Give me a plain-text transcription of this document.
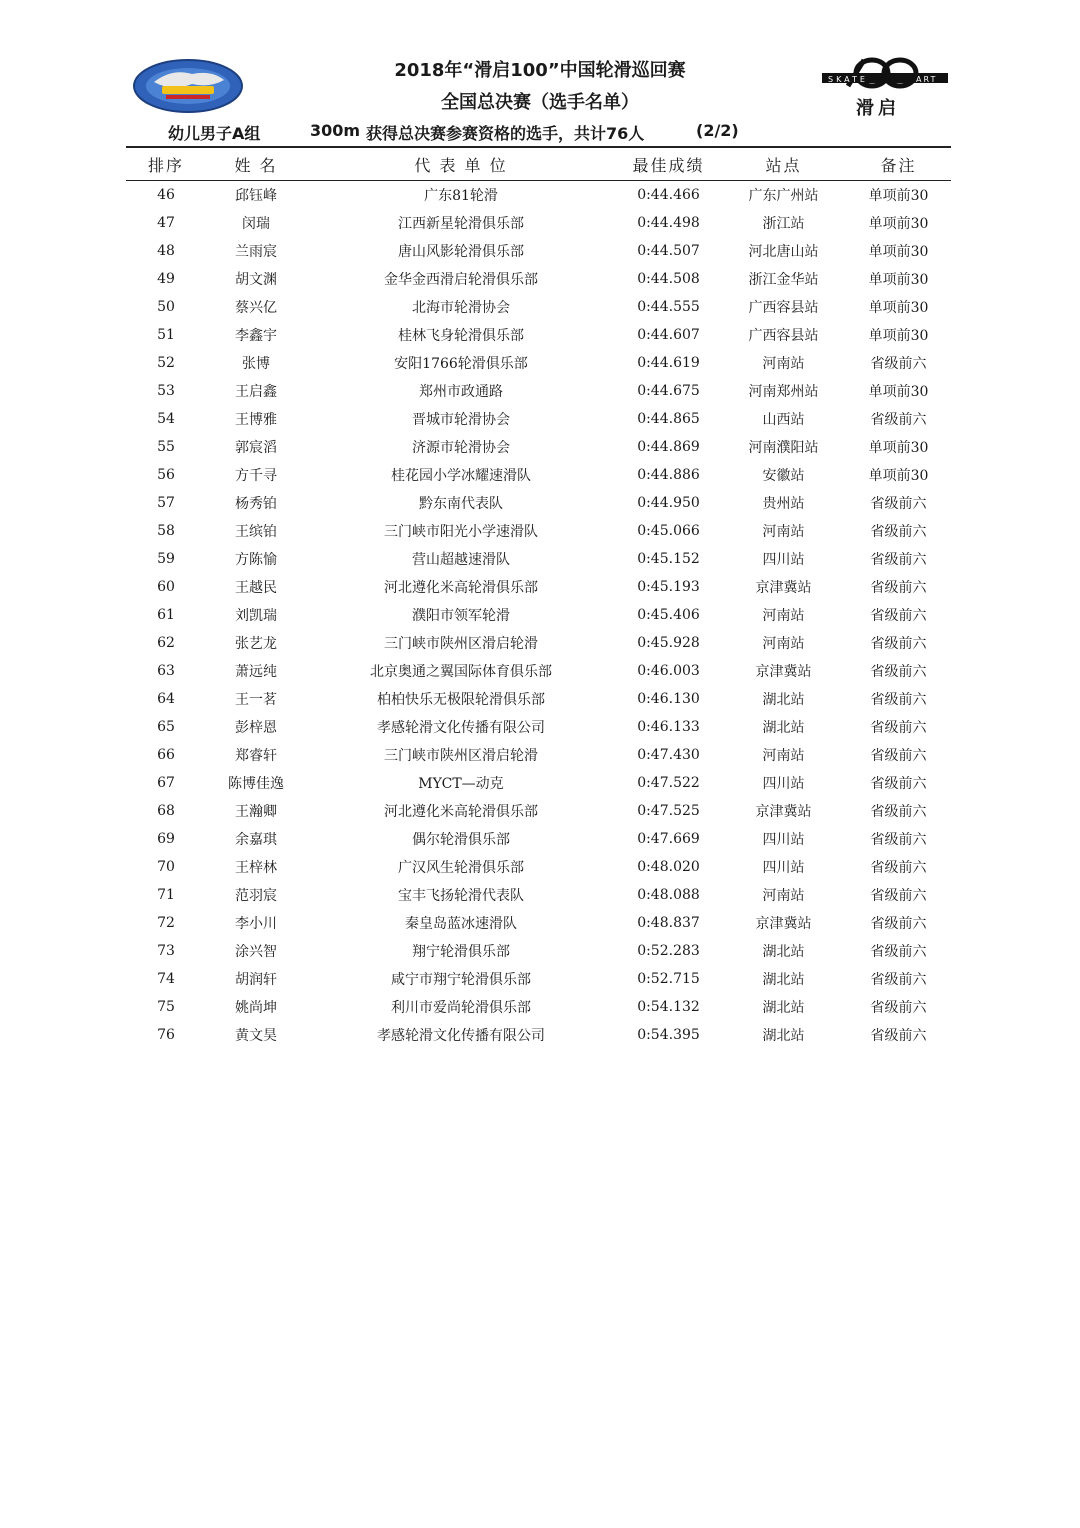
SKATE	ART
滑启
2018年“滑启100”中国轮滑巡回赛
全国总决赛（选手名单）
幼儿男子A组	300m 获得总决赛参赛资格的选手，共计76人	(2/2)
排序	姓 名	代 表 单 位	最佳成绩	站点	备注
46	邱钰峰	广东81轮滑	0:44.466	广东广州站	单项前30
47	闵瑞	江西新星轮滑俱乐部	0:44.498	浙江站	单项前30
48	兰雨宸	唐山风影轮滑俱乐部	0:44.507	河北唐山站	单项前30
49	胡文渊	金华金西滑启轮滑俱乐部	0:44.508	浙江金华站	单项前30
50	蔡兴亿	北海市轮滑协会	0:44.555	广西容县站	单项前30
51	李鑫宇	桂林飞身轮滑俱乐部	0:44.607	广西容县站	单项前30
52	张博	安阳1766轮滑俱乐部	0:44.619	河南站	省级前六
53	王启鑫	郑州市政通路	0:44.675	河南郑州站	单项前30
54	王博雅	晋城市轮滑协会	0:44.865	山西站	省级前六
55	郭宸滔	济源市轮滑协会	0:44.869	河南濮阳站	单项前30
56	方千寻	桂花园小学冰耀速滑队	0:44.886	安徽站	单项前30
57	杨秀铂	黔东南代表队	0:44.950	贵州站	省级前六
58	王缤铂	三门峡市阳光小学速滑队	0:45.066	河南站	省级前六
59	方陈愉	营山超越速滑队	0:45.152	四川站	省级前六
60	王越民	河北遵化米高轮滑俱乐部	0:45.193	京津冀站	省级前六
61	刘凯瑞	濮阳市领军轮滑	0:45.406	河南站	省级前六
62	张艺龙	三门峡市陕州区滑启轮滑	0:45.928	河南站	省级前六
63	萧远纯	北京奥通之翼国际体育俱乐部	0:46.003	京津冀站	省级前六
64	王一茗	柏柏快乐无极限轮滑俱乐部	0:46.130	湖北站	省级前六
65	彭梓恩	孝感轮滑文化传播有限公司	0:46.133	湖北站	省级前六
66	郑睿轩	三门峡市陕州区滑启轮滑	0:47.430	河南站	省级前六
67	陈博佳逸	MYCT—动克	0:47.522	四川站	省级前六
68	王瀚卿	河北遵化米高轮滑俱乐部	0:47.525	京津冀站	省级前六
69	余嘉琪	偶尔轮滑俱乐部	0:47.669	四川站	省级前六
70	王梓林	广汉风生轮滑俱乐部	0:48.020	四川站	省级前六
71	范羽宸	宝丰飞扬轮滑代表队	0:48.088	河南站	省级前六
72	李小川	秦皇岛蓝冰速滑队	0:48.837	京津冀站	省级前六
73	涂兴智	翔宁轮滑俱乐部	0:52.283	湖北站	省级前六
74	胡润轩	咸宁市翔宁轮滑俱乐部	0:52.715	湖北站	省级前六
75	姚尚坤	利川市爱尚轮滑俱乐部	0:54.132	湖北站	省级前六
76	黄文昊	孝感轮滑文化传播有限公司	0:54.395	湖北站	省级前六
